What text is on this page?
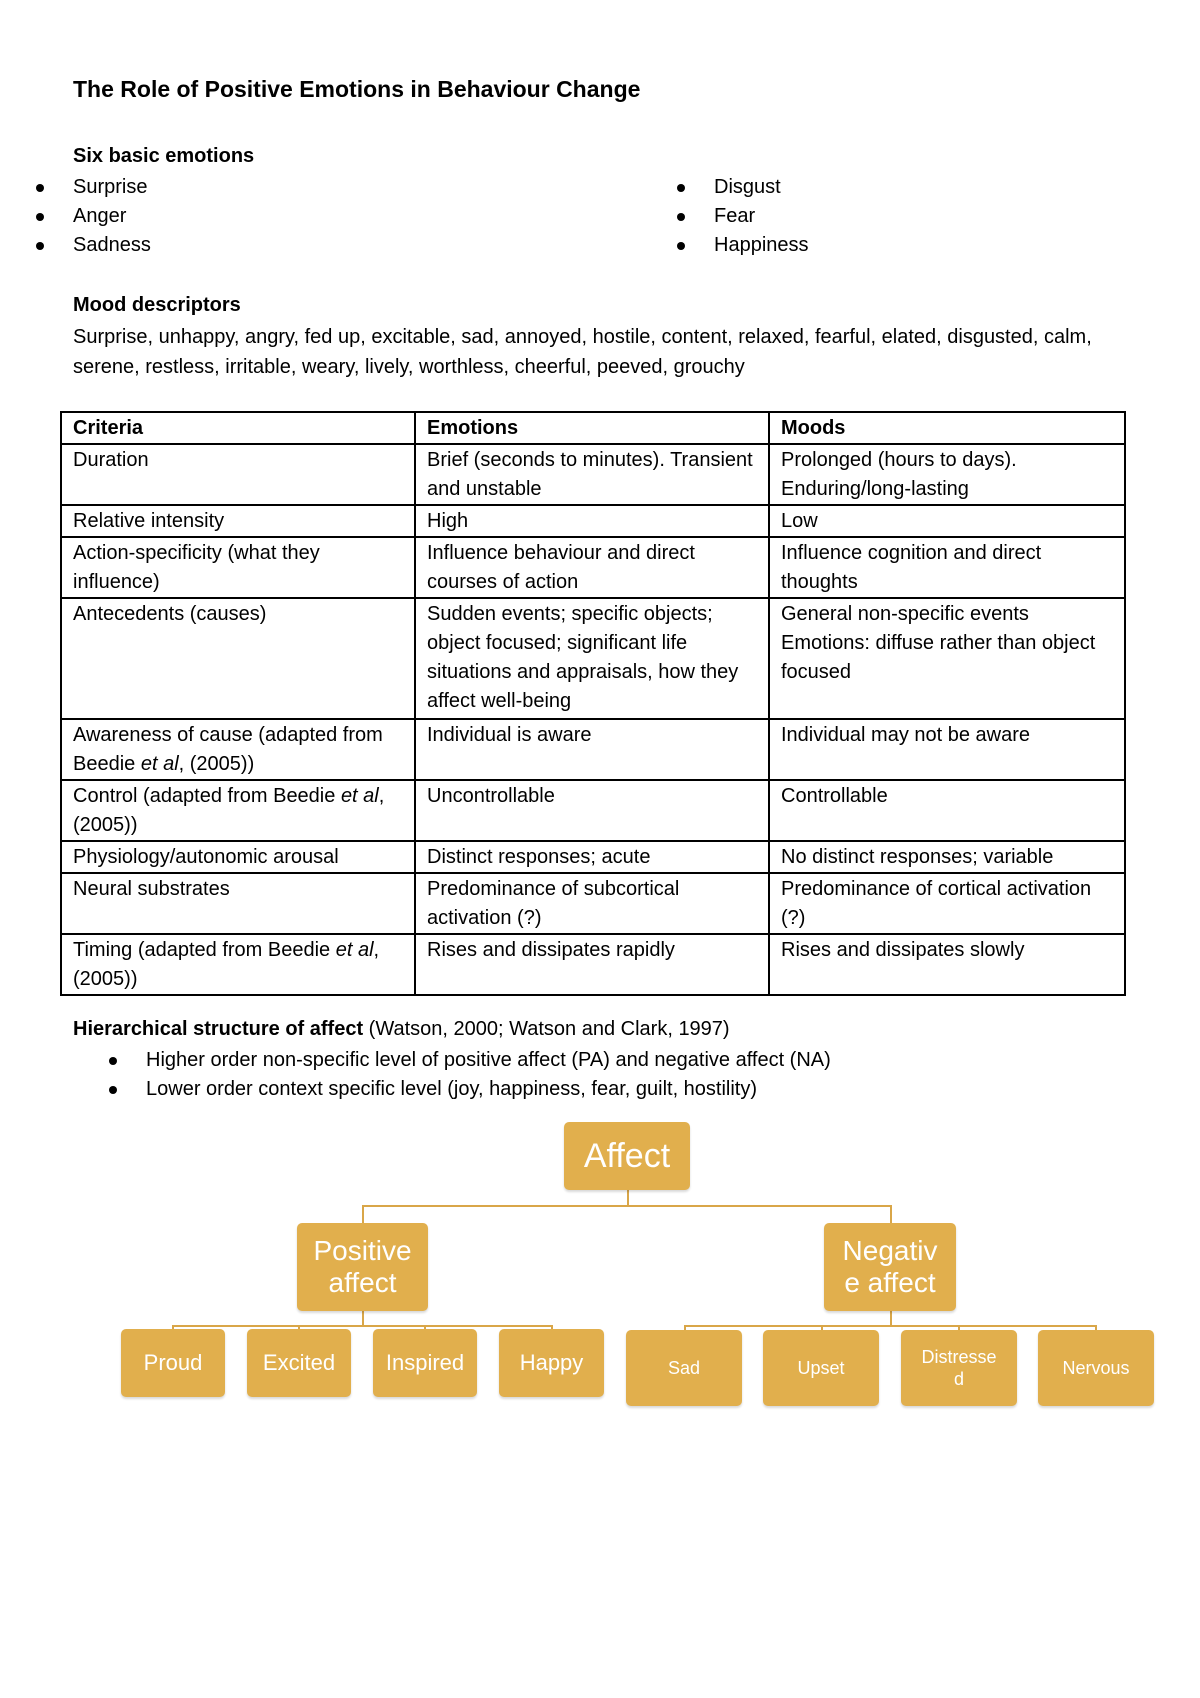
The Role of Positive Emotions in Behaviour Change
Six basic emotions
Surprise
Anger
Sadness
Disgust
Fear
Happiness
Mood descriptors
Surprise, unhappy, angry, fed up, excitable, sad, annoyed, hostile, content, relaxed, fearful, elated, disgusted, calm, serene, restless, irritable, weary, lively, worthless, cheerful, peeved, grouchy
Criteria	Emotions	Moods
Duration	Brief (seconds to minutes). Transient and unstable	Prolonged (hours to days). Enduring/long-lasting
Relative intensity	High	Low
Action-specificity (what they influence)	Influence behaviour and direct courses of action	Influence cognition and direct thoughts
Antecedents (causes)	Sudden events; specific objects; object focused; significant life situations and appraisals, how they affect well-being	General non-specific events Emotions: diffuse rather than object focused
Awareness of cause (adapted from Beedie et al, (2005))	Individual is aware	Individual may not be aware
Control (adapted from Beedie et al, (2005))	Uncontrollable	Controllable
Physiology/autonomic arousal	Distinct responses; acute	No distinct responses; variable
Neural substrates	Predominance of subcortical activation (?)	Predominance of cortical activation (?)
Timing (adapted from Beedie et al, (2005))	Rises and dissipates rapidly	Rises and dissipates slowly
Hierarchical structure of affect (Watson, 2000; Watson and Clark, 1997)
Higher order non-specific level of positive affect (PA) and negative affect (NA)
Lower order context specific level (joy, happiness, fear, guilt, hostility)
Affect
Positive
affect
Negativ
e affect
Proud	Excited Inspired	Happy	Sad	Upset
Distresse
d
Nervous
